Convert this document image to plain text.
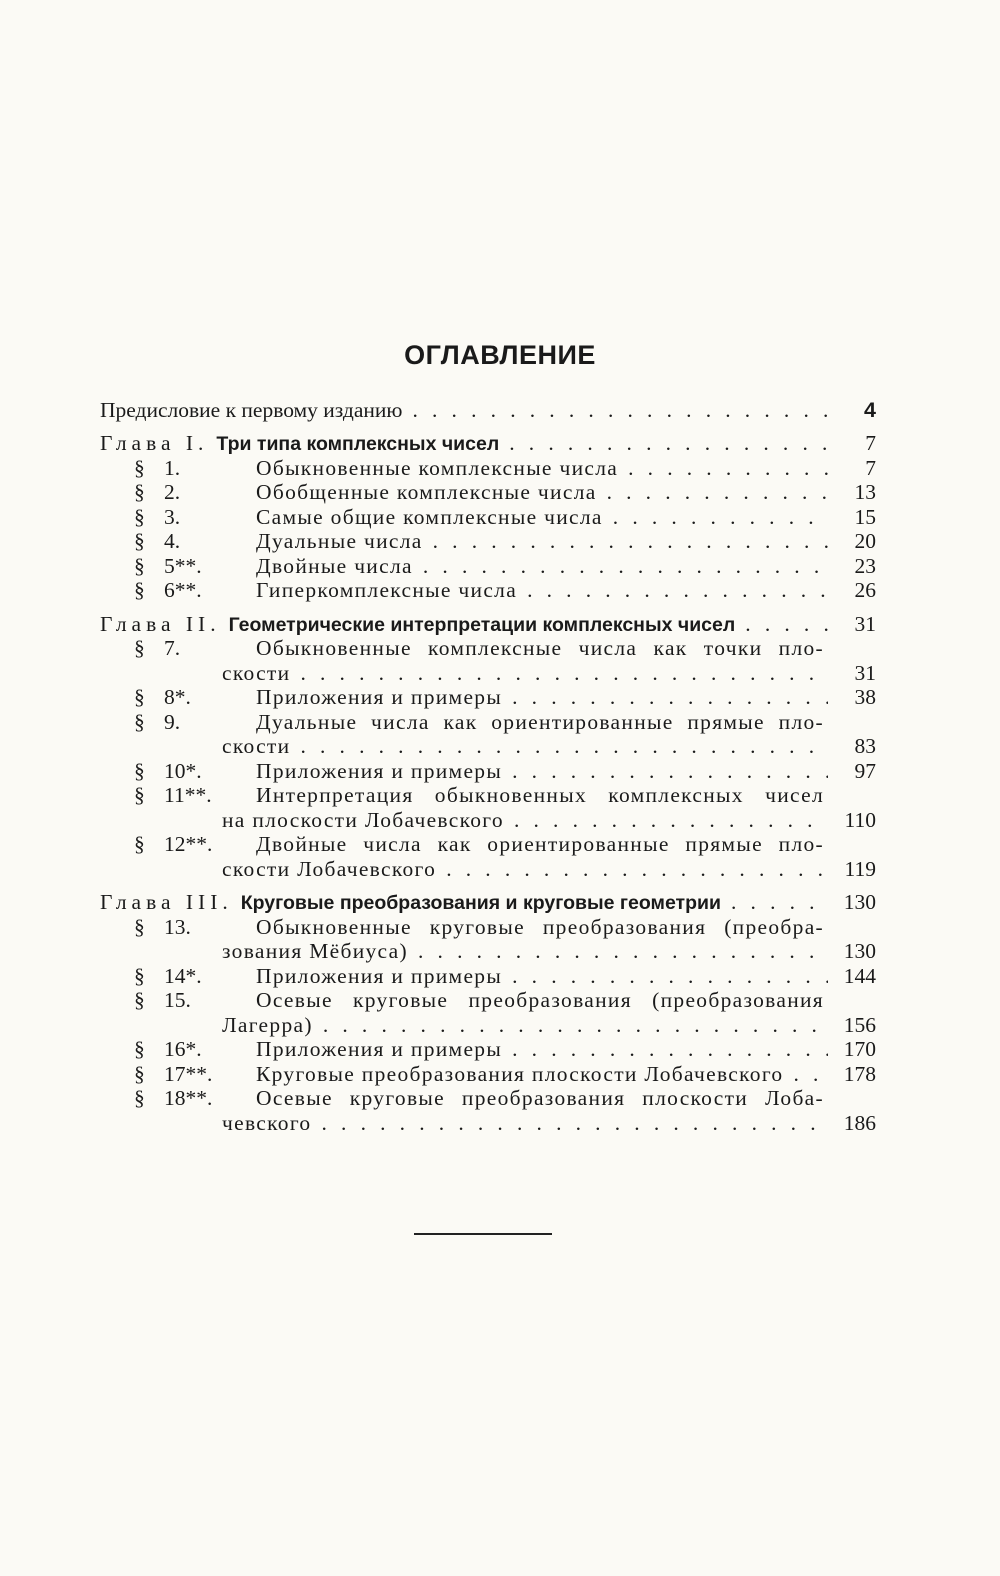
ОГЛАВЛЕНИЕ
Предисловие к первому изданию . . .	4
Глава I. Три типа комплексных чисел . . .	7
§ 1.	Обыкновенные комплексные числа . . .	7
§ 2.	Обобщенные комплексные числа . . .	13
§ 3.	Самые общие комплексные числа . . .	15
§ 4.	Дуальные числа . . .	20
§ 5**.	Двойные числа . . .	23
§ 6**.	Гиперкомплексные числа . . .	26
Глава II. Геометрические интерпретации комплексных чисел . . .	31
§ 7.	Обыкновенные комплексные числа как точки пло-
скости . . .	31
§ 8*.	Приложения и примеры . . .	38
§ 9.	Дуальные числа как ориентированные прямые пло-
скости . . .	83
§ 10*.	Приложения и примеры . . .	97
§ 11**. Интерпретация обыкновенных комплексных чисел
на плоскости Лобачевского . . .	110
§ 12**. Двойные числа как ориентированные прямые пло-
скости Лобачевского . . .	119
Глава III. Круговые преобразования и круговые геометрии . . .	130
§ 13.	Обыкновенные круговые преобразования (преобра-
зования Мёбиуса) . . .	130
§ 14*.	Приложения и примеры . . .	144
§ 15.	Осевые круговые преобразования (преобразования
Лагерра) . . .	156
§ 16*.	Приложения и примеры . . .	170
§ 17**. Круговые преобразования плоскости Лобачевского . . .	178
§ 18**. Осевые круговые преобразования плоскости Лоба-
чевского . . .	186
